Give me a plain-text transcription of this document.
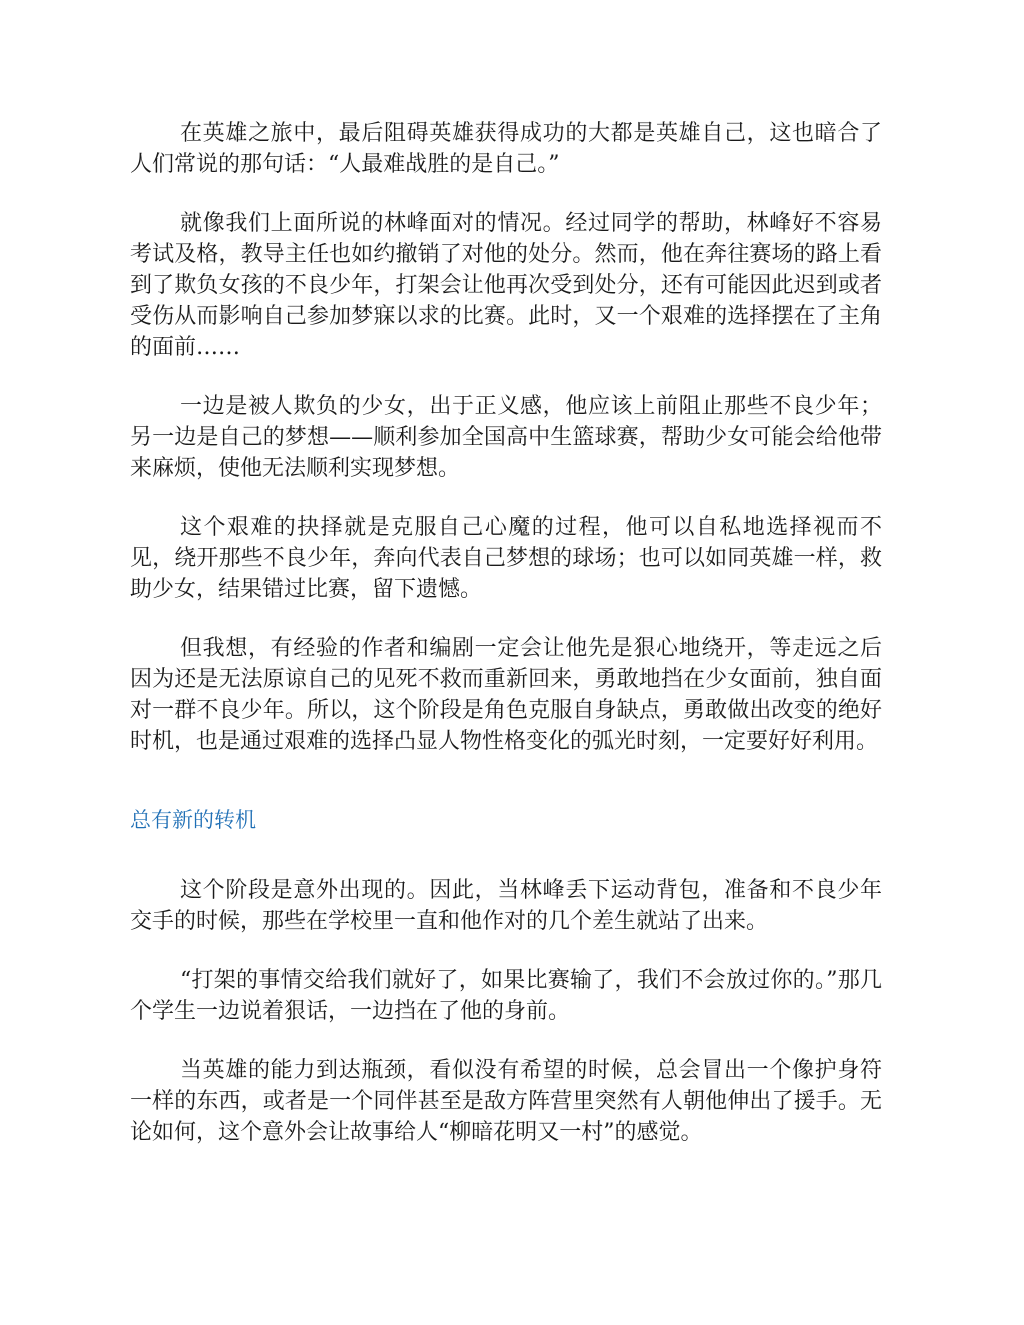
在英雄之旅中，最后阻碍英雄获得成功的大都是英雄自己，这也暗合了人们常说的那句话：“人最难战胜的是自己。”

就像我们上面所说的林峰面对的情况。经过同学的帮助，林峰好不容易考试及格，教导主任也如约撤销了对他的处分。然而，他在奔往赛场的路上看到了欺负女孩的不良少年，打架会让他再次受到处分，还有可能因此迟到或者受伤从而影响自己参加梦寐以求的比赛。此时，又一个艰难的选择摆在了主角的面前……

一边是被人欺负的少女，出于正义感，他应该上前阻止那些不良少年；另一边是自己的梦想——顺利参加全国高中生篮球赛，帮助少女可能会给他带来麻烦，使他无法顺利实现梦想。

这个艰难的抉择就是克服自己心魔的过程，他可以自私地选择视而不见，绕开那些不良少年，奔向代表自己梦想的球场；也可以如同英雄一样，救助少女，结果错过比赛，留下遗憾。

但我想，有经验的作者和编剧一定会让他先是狠心地绕开，等走远之后因为还是无法原谅自己的见死不救而重新回来，勇敢地挡在少女面前，独自面对一群不良少年。所以，这个阶段是角色克服自身缺点，勇敢做出改变的绝好时机，也是通过艰难的选择凸显人物性格变化的弧光时刻，一定要好好利用。

总有新的转机

这个阶段是意外出现的。因此，当林峰丢下运动背包，准备和不良少年交手的时候，那些在学校里一直和他作对的几个差生就站了出来。

“打架的事情交给我们就好了，如果比赛输了，我们不会放过你的。”那几个学生一边说着狠话，一边挡在了他的身前。

当英雄的能力到达瓶颈，看似没有希望的时候，总会冒出一个像护身符一样的东西，或者是一个同伴甚至是敌方阵营里突然有人朝他伸出了援手。无论如何，这个意外会让故事给人“柳暗花明又一村”的感觉。
